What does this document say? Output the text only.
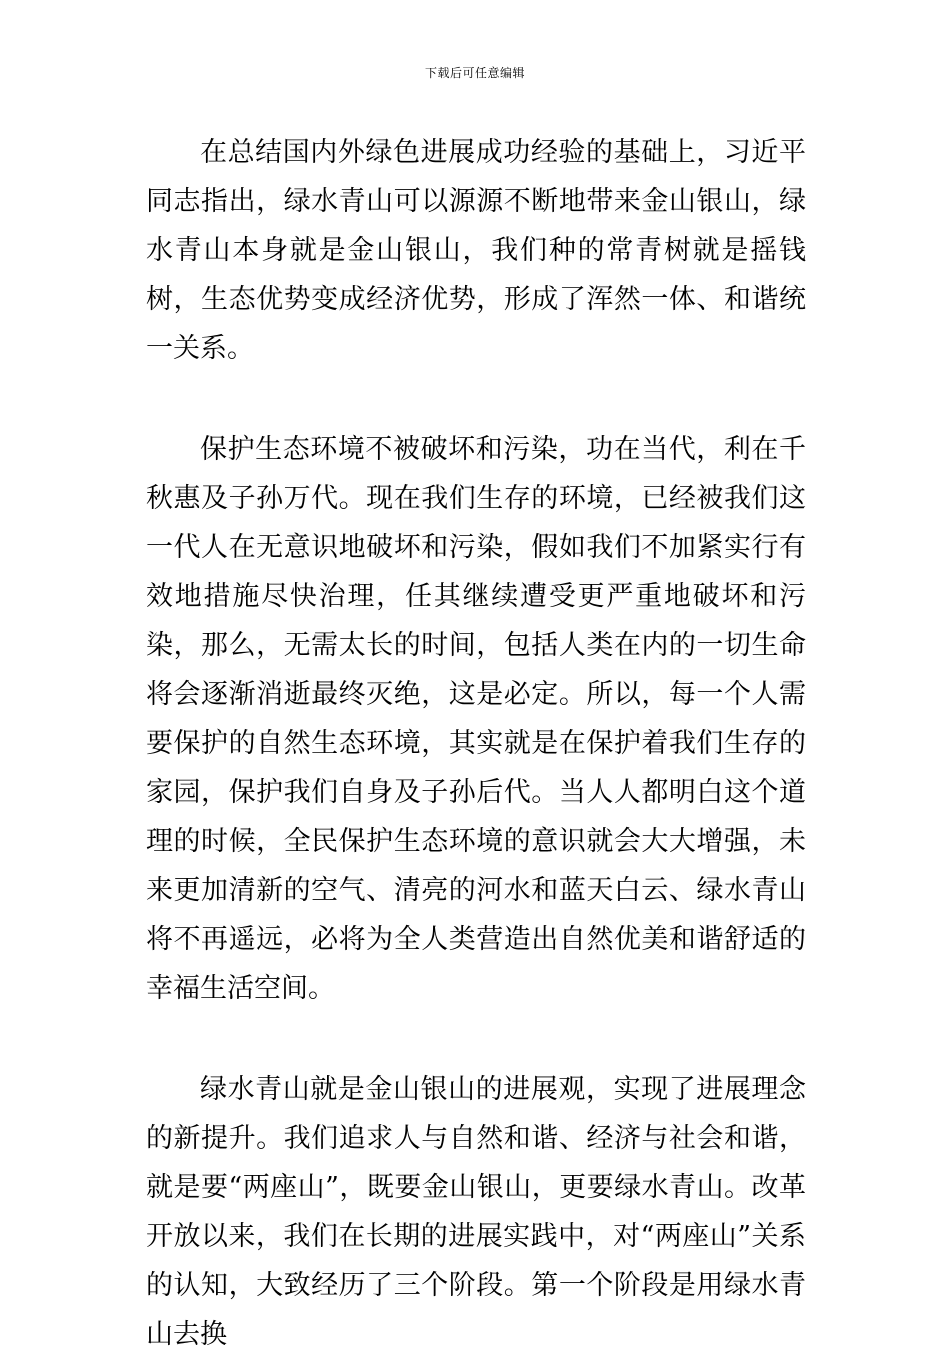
下载后可任意编辑

在总结国内外绿色进展成功经验的基础上，习近平同志指出，绿水青山可以源源不断地带来金山银山，绿水青山本身就是金山银山，我们种的常青树就是摇钱树，生态优势变成经济优势，形成了浑然一体、和谐统一关系。

保护生态环境不被破坏和污染，功在当代，利在千秋惠及子孙万代。现在我们生存的环境，已经被我们这一代人在无意识地破坏和污染，假如我们不加紧实行有效地措施尽快治理，任其继续遭受更严重地破坏和污染，那么，无需太长的时间，包括人类在内的一切生命将会逐渐消逝最终灭绝，这是必定。所以，每一个人需要保护的自然生态环境，其实就是在保护着我们生存的家园，保护我们自身及子孙后代。当人人都明白这个道理的时候，全民保护生态环境的意识就会大大增强，未来更加清新的空气、清亮的河水和蓝天白云、绿水青山将不再遥远，必将为全人类营造出自然优美和谐舒适的幸福生活空间。

绿水青山就是金山银山的进展观，实现了进展理念的新提升。我们追求人与自然和谐、经济与社会和谐，就是要“两座山”，既要金山银山，更要绿水青山。改革开放以来，我们在长期的进展实践中，对“两座山”关系的认知，大致经历了三个阶段。第一个阶段是用绿水青山去换
